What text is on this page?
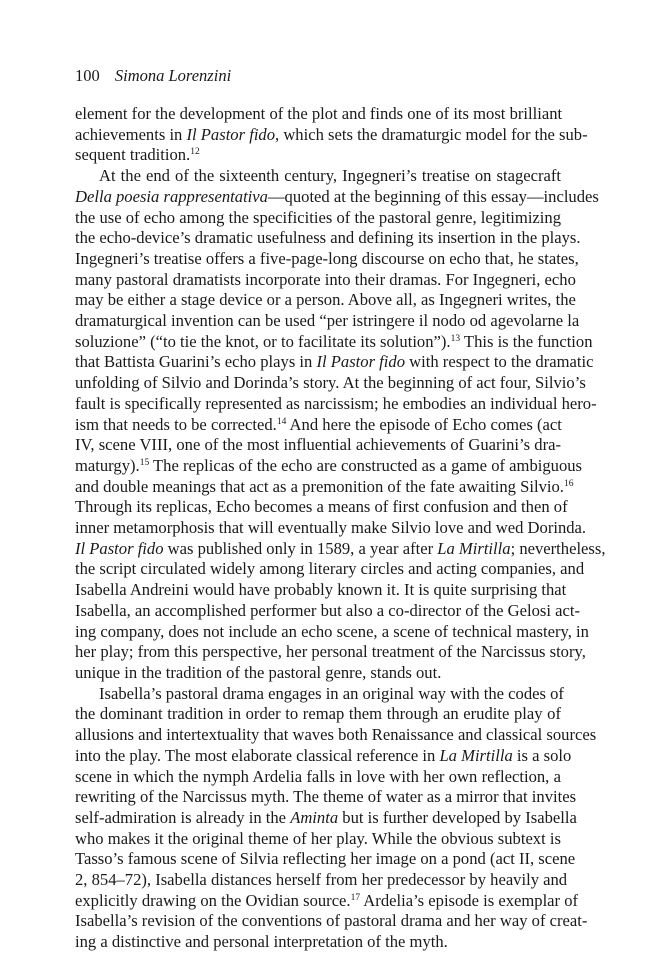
100 Simona Lorenzini
element for the development of the plot and finds one of its most brilliant
achievements in Il Pastor fido, which sets the dramaturgic model for the sub-
sequent tradition.$^{12}$
At the end of the sixteenth century, Ingegneri’s treatise on stagecraft
Della poesia rappresentativa—quoted at the beginning of this essay—includes
the use of echo among the specificities of the pastoral genre, legitimizing
the echo-device’s dramatic usefulness and defining its insertion in the plays.
Ingegneri’s treatise offers a five-page-long discourse on echo that, he states,
many pastoral dramatists incorporate into their dramas. For Ingegneri, echo
may be either a stage device or a person. Above all, as Ingegneri writes, the
dramaturgical invention can be used “per istringere il nodo od agevolarne la
soluzione” (“to tie the knot, or to facilitate its solution”).$^{13}$ This is the function
that Battista Guarini’s echo plays in Il Pastor fido with respect to the dramatic
unfolding of Silvio and Dorinda’s story. At the beginning of act four, Silvio’s
fault is specifically represented as narcissism; he embodies an individual hero-
ism that needs to be corrected.$^{14}$ And here the episode of Echo comes (act
IV, scene VIII, one of the most influential achievements of Guarini’s dra-
maturgy).$^{15}$ The replicas of the echo are constructed as a game of ambiguous
and double meanings that act as a premonition of the fate awaiting Silvio.$^{16}$
Through its replicas, Echo becomes a means of first confusion and then of
inner metamorphosis that will eventually make Silvio love and wed Dorinda.
Il Pastor fido was published only in 1589, a year after La Mirtilla; nevertheless,
the script circulated widely among literary circles and acting companies, and
Isabella Andreini would have probably known it. It is quite surprising that
Isabella, an accomplished performer but also a co-director of the Gelosi act-
ing company, does not include an echo scene, a scene of technical mastery, in
her play; from this perspective, her personal treatment of the Narcissus story,
unique in the tradition of the pastoral genre, stands out.
Isabella’s pastoral drama engages in an original way with the codes of
the dominant tradition in order to remap them through an erudite play of
allusions and intertextuality that waves both Renaissance and classical sources
into the play. The most elaborate classical reference in La Mirtilla is a solo
scene in which the nymph Ardelia falls in love with her own reflection, a
rewriting of the Narcissus myth. The theme of water as a mirror that invites
self-admiration is already in the Aminta but is further developed by Isabella
who makes it the original theme of her play. While the obvious subtext is
Tasso’s famous scene of Silvia reflecting her image on a pond (act II, scene
2, 854–72), Isabella distances herself from her predecessor by heavily and
explicitly drawing on the Ovidian source.$^{17}$ Ardelia’s episode is exemplar of
Isabella’s revision of the conventions of pastoral drama and her way of creat-
ing a distinctive and personal interpretation of the myth.
